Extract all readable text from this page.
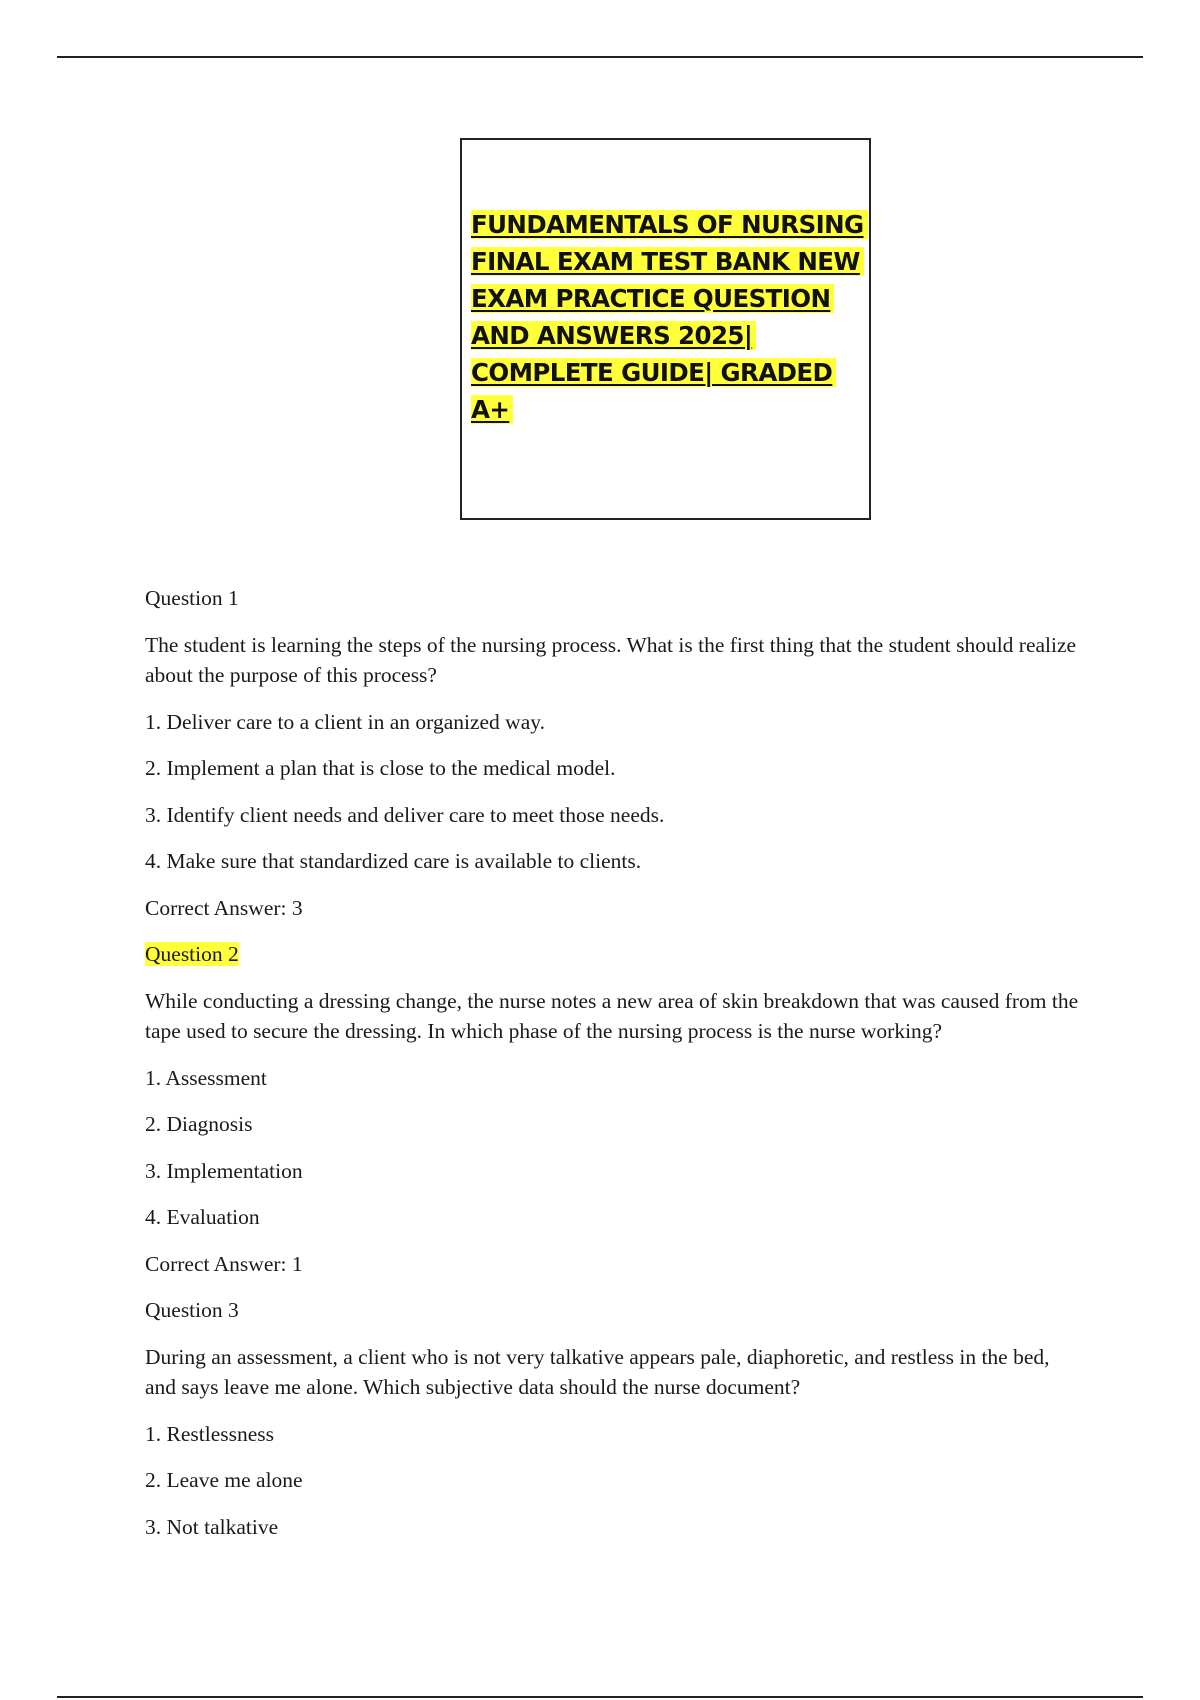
FUNDAMENTALS OF NURSING
FINAL EXAM TEST BANK NEW
EXAM PRACTICE QUESTION
AND ANSWERS 2025|
COMPLETE GUIDE| GRADED
A+

Question 1

The student is learning the steps of the nursing process. What is the first thing that the student should realize about the purpose of this process?

1. Deliver care to a client in an organized way.

2. Implement a plan that is close to the medical model.

3. Identify client needs and deliver care to meet those needs.

4. Make sure that standardized care is available to clients.

Correct Answer: 3

Question 2

While conducting a dressing change, the nurse notes a new area of skin breakdown that was caused from the tape used to secure the dressing. In which phase of the nursing process is the nurse working?

1. Assessment

2. Diagnosis

3. Implementation

4. Evaluation

Correct Answer: 1

Question 3

During an assessment, a client who is not very talkative appears pale, diaphoretic, and restless in the bed, and says leave me alone. Which subjective data should the nurse document?

1. Restlessness

2. Leave me alone

3. Not talkative
